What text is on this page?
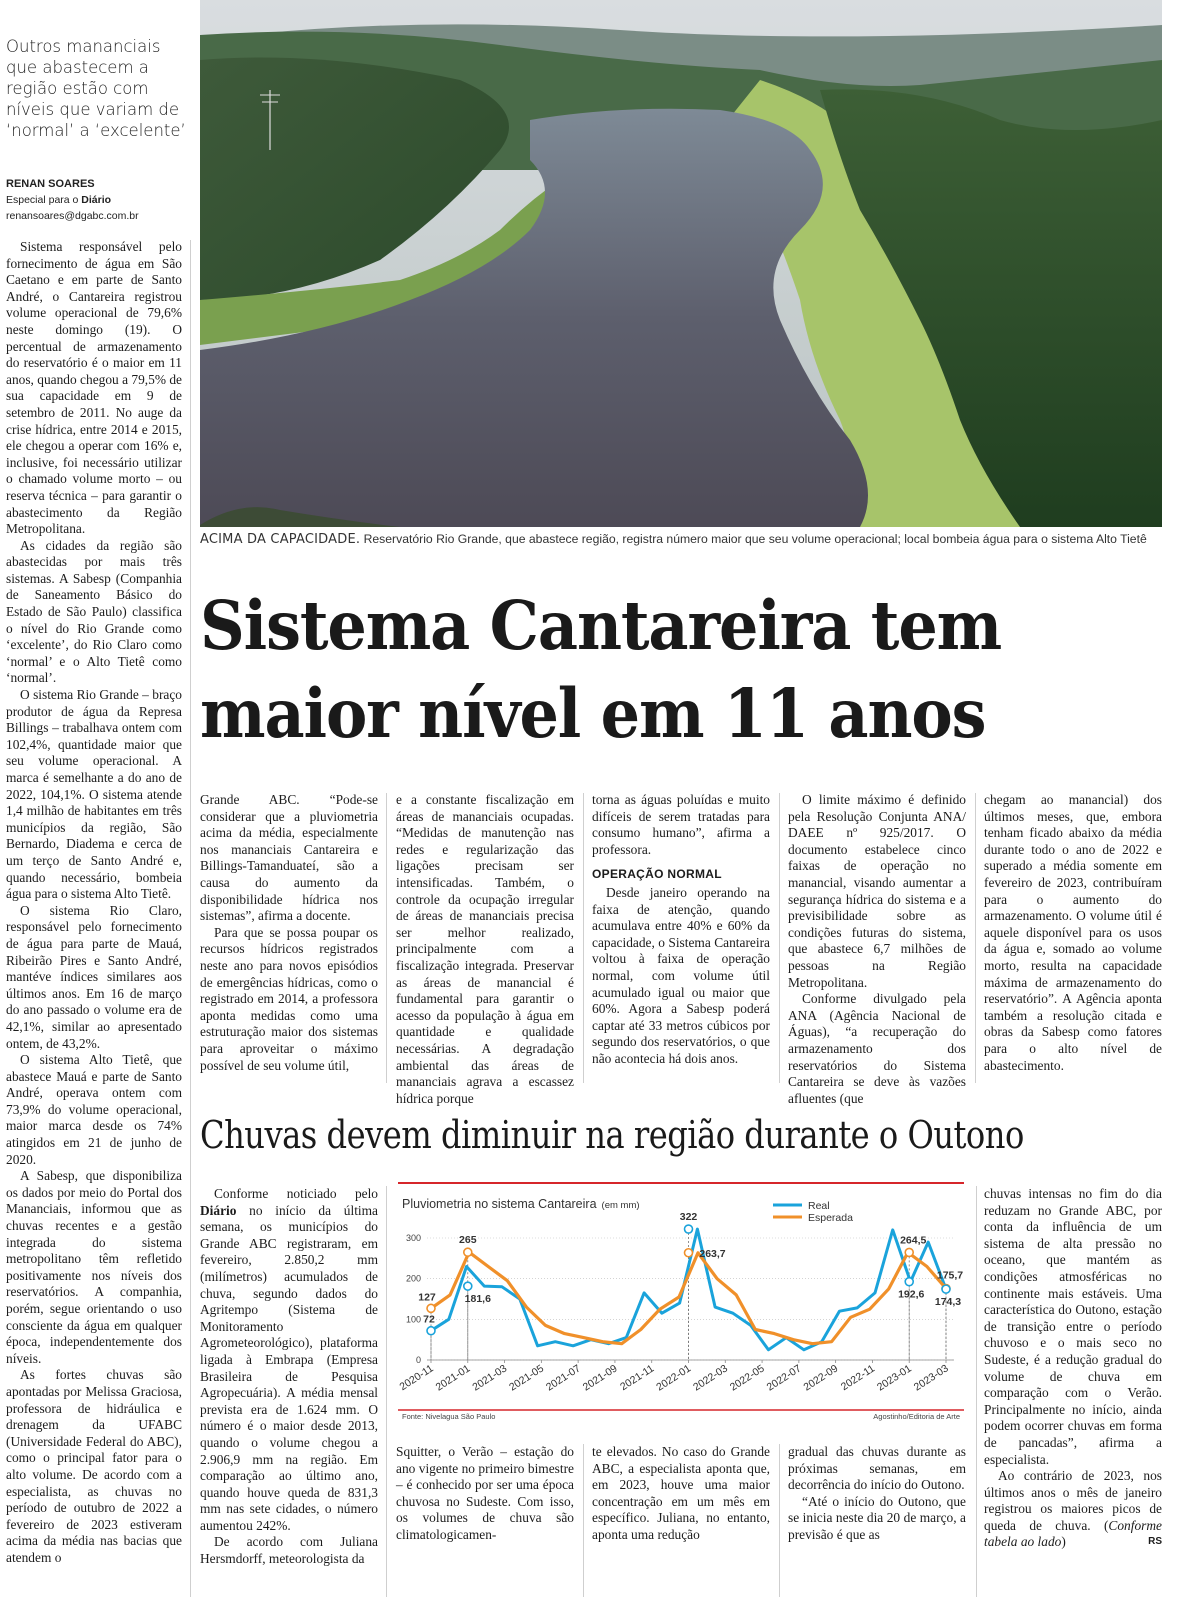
Outros mananciais que abastecem a região estão com níveis que variam de ‘normal’ a ‘excelente’
RENAN SOARES
Especial para o Diário
renansoares@dgabc.com.br

Sistema responsável pelo fornecimento de água em São Caetano e em parte de Santo André, o Cantareira registrou volume operacional de 79,6% neste domingo (19). O percentual de armazenamento do reservatório é o maior em 11 anos, quando chegou a 79,5% de sua capacidade em 9 de setembro de 2011. No auge da crise hídrica, entre 2014 e 2015, ele chegou a operar com 16% e, inclusive, foi necessário utilizar o chamado volume morto – ou reserva técnica – para garantir o abastecimento da Região Metropolitana.

As cidades da região são abastecidas por mais três sistemas. A Sabesp (Companhia de Saneamento Básico do Estado de São Paulo) classifica o nível do Rio Grande como ‘excelente’, do Rio Claro como ‘normal’ e o Alto Tietê como ‘normal’.

O sistema Rio Grande – braço produtor de água da Represa Billings – trabalhava ontem com 102,4%, quantidade maior que seu volume operacional. A marca é semelhante a do ano de 2022, 104,1%. O sistema atende 1,4 milhão de habitantes em três municípios da região, São Bernardo, Diadema e cerca de um terço de Santo André e, quando necessário, bombeia água para o sistema Alto Tietê.

O sistema Rio Claro, responsável pelo fornecimento de água para parte de Mauá, Ribeirão Pires e Santo André, mantéve índices similares aos últimos anos. Em 16 de março do ano passado o volume era de 42,1%, similar ao apresentado ontem, de 43,2%.

O sistema Alto Tietê, que abastece Mauá e parte de Santo André, operava ontem com 73,9% do volume operacional, maior marca desde os 74% atingidos em 21 de junho de 2020.

A Sabesp, que disponibiliza os dados por meio do Portal dos Mananciais, informou que as chuvas recentes e a gestão integrada do sistema metropolitano têm refletido positivamente nos níveis dos reservatórios. A companhia, porém, segue orientando o uso consciente da água em qualquer época, independentemente dos níveis.

As fortes chuvas são apontadas por Melissa Graciosa, professora de hidráulica e drenagem da UFABC (Universidade Federal do ABC), como o principal fator para o alto volume. De acordo com a especialista, as chuvas no período de outubro de 2022 a fevereiro de 2023 estiveram acima da média nas bacias que atendem o

ACIMA DA CAPACIDADE. Reservatório Rio Grande, que abastece região, registra número maior que seu volume operacional; local bombeia água para o sistema Alto Tietê
Sistema Cantareira tem
maior nível em 11 anos

Grande ABC. “Pode-se considerar que a pluviometria acima da média, especialmente nos mananciais Cantareira e Billings-Tamanduateí, são a causa do aumento da disponibilidade hídrica nos sistemas”, afirma a docente.

Para que se possa poupar os recursos hídricos registrados neste ano para novos episódios de emergências hídricas, como o registrado em 2014, a professora aponta medidas como uma estruturação maior dos sistemas para aproveitar o máximo possível de seu volume útil,

e a constante fiscalização em áreas de mananciais ocupadas. “Medidas de manutenção nas redes e regularização das ligações precisam ser intensificadas. Também, o controle da ocupação irregular de áreas de mananciais precisa ser melhor realizado, principalmente com a fiscalização integrada. Preservar as áreas de manancial é fundamental para garantir o acesso da população à água em quantidade e qualidade necessárias. A degradação ambiental das áreas de mananciais agrava a escassez hídrica porque

torna as águas poluídas e muito difíceis de serem tratadas para consumo humano”, afirma a professora.

OPERAÇÃO NORMAL

Desde janeiro operando na faixa de atenção, quando acumulava entre 40% e 60% da capacidade, o Sistema Cantareira voltou à faixa de operação normal, com volume útil acumulado igual ou maior que 60%. Agora a Sabesp poderá captar até 33 metros cúbicos por segundo dos reservatórios, o que não acontecia há dois anos.

O limite máximo é definido pela Resolução Conjunta ANA/ DAEE nº 925/2017. O documento estabelece cinco faixas de operação no manancial, visando aumentar a segurança hídrica do sistema e a previsibilidade sobre as condições futuras do sistema, que abastece 6,7 milhões de pessoas na Região Metropolitana.

Conforme divulgado pela ANA (Agência Nacional de Águas), “a recuperação do armazenamento dos reservatórios do Sistema Cantareira se deve às vazões afluentes (que

chegam ao manancial) dos últimos meses, que, embora tenham ficado abaixo da média durante todo o ano de 2022 e superado a média somente em fevereiro de 2023, contribuíram para o aumento do armazenamento. O volume útil é aquele disponível para os usos da água e, somado ao volume morto, resulta na capacidade máxima de armazenamento do reservatório”. A Agência aponta também a resolução citada e obras da Sabesp como fatores para o alto nível de abastecimento.

Chuvas devem diminuir na região durante o Outono

Conforme noticiado pelo Diário no início da última semana, os municípios do Grande ABC registraram, em fevereiro, 2.850,2 mm (milímetros) acumulados de chuva, segundo dados do Agritempo (Sistema de Monitoramento Agrometeorológico), plataforma ligada à Embrapa (Empresa Brasileira de Pesquisa Agropecuária). A média mensal prevista era de 1.624 mm. O número é o maior desde 2013, quando o volume chegou a 2.906,9 mm na região. Em comparação ao último ano, quando houve queda de 831,3 mm nas sete cidades, o número aumentou 242%.

De acordo com Juliana Hersmdorff, meteorologista da

Pluviometria no sistema Cantareira (em mm)	Real
Esperada
0
100
200
300
2020-11
2021-01
2021-03
2021-05
2021-07
2021-09
2021-11
2022-01
2022-03
2022-05
2022-07
2022-09
2022-11
2023-01
2023-03
127
72
265
181,6
322
263,7
264,5
192,6
175,7
174,3
Fonte: Nivelagua São Paulo	Agostinho/Editoria de Arte

chuvas intensas no fim do dia reduzam no Grande ABC, por conta da influência de um sistema de alta pressão no oceano, que mantém as condições atmosféricas no continente mais estáveis. Uma característica do Outono, estação de transição entre o período chuvoso e o mais seco no Sudeste, é a redução gradual do volume de chuva em comparação com o Verão. Principalmente no início, ainda podem ocorrer chuvas em forma de pancadas”, afirma a especialista.

Ao contrário de 2023, nos últimos anos o mês de janeiro registrou os maiores picos de queda de chuva. (Conforme tabela ao lado)	RS

Squitter, o Verão – estação do ano vigente no primeiro bimestre – é conhecido por ser uma época chuvosa no Sudeste. Com isso, os volumes de chuva são climatologicamen-

te elevados. No caso do Grande ABC, a especialista aponta que, em 2023, houve uma maior concentração em um mês em específico. Juliana, no entanto, aponta uma redução

gradual das chuvas durante as próximas semanas, em decorrência do início do Outono.

“Até o início do Outono, que se inicia neste dia 20 de março, a previsão é que as
